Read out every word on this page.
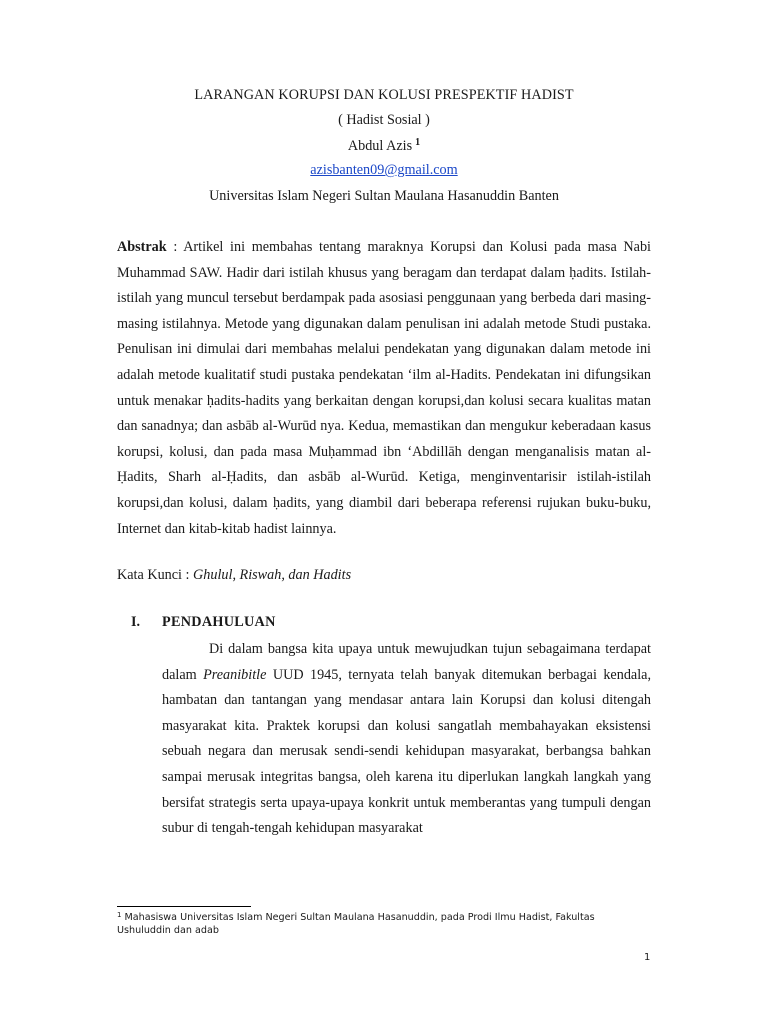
LARANGAN KORUPSI DAN KOLUSI PRESPEKTIF HADIST
( Hadist Sosial )
Abdul Azis $^1$
azisbanten09@gmail.com
Universitas Islam Negeri Sultan Maulana Hasanuddin Banten

Abstrak : Artikel ini membahas tentang maraknya Korupsi dan Kolusi pada masa Nabi Muhammad SAW. Hadir dari istilah khusus yang beragam dan terdapat dalam ḥadits. Istilah-istilah yang muncul tersebut berdampak pada asosiasi penggunaan yang berbeda dari masing-masing istilahnya. Metode yang digunakan dalam penulisan ini adalah metode Studi pustaka. Penulisan ini dimulai dari membahas melalui pendekatan yang digunakan dalam metode ini adalah metode kualitatif studi pustaka pendekatan ‘ilm al-Hadits. Pendekatan ini difungsikan untuk menakar ḥadits-hadits yang berkaitan dengan korupsi,dan kolusi secara kualitas matan dan sanadnya; dan asbāb al-Wurūd nya. Kedua, memastikan dan mengukur keberadaan kasus korupsi, kolusi, dan pada masa Muḥammad ibn ‘Abdillāh dengan menganalisis matan al-Ḥadits, Sharh al-Ḥadits, dan asbāb al-Wurūd. Ketiga, menginventarisir istilah-istilah korupsi,dan kolusi, dalam ḥadits, yang diambil dari beberapa referensi rujukan buku-buku, Internet dan kitab-kitab hadist lainnya.

Kata Kunci : Ghulul, Riswah, dan Hadits
I. PENDAHULUAN

Di dalam bangsa kita upaya untuk mewujudkan tujun sebagaimana terdapat dalam Preanibitle UUD 1945, ternyata telah banyak ditemukan berbagai kendala, hambatan dan tantangan yang mendasar antara lain Korupsi dan kolusi ditengah masyarakat kita. Praktek korupsi dan kolusi sangatlah membahayakan eksistensi sebuah negara dan merusak sendi-sendi kehidupan masyarakat, berbangsa bahkan sampai merusak integritas bangsa, oleh karena itu diperlukan langkah langkah yang bersifat strategis serta upaya-upaya konkrit untuk memberantas yang tumpuli dengan subur di tengah-tengah kehidupan masyarakat

$^1$ Mahasiswa Universitas Islam Negeri Sultan Maulana Hasanuddin, pada Prodi Ilmu Hadist, Fakultas Ushuluddin dan adab
1
